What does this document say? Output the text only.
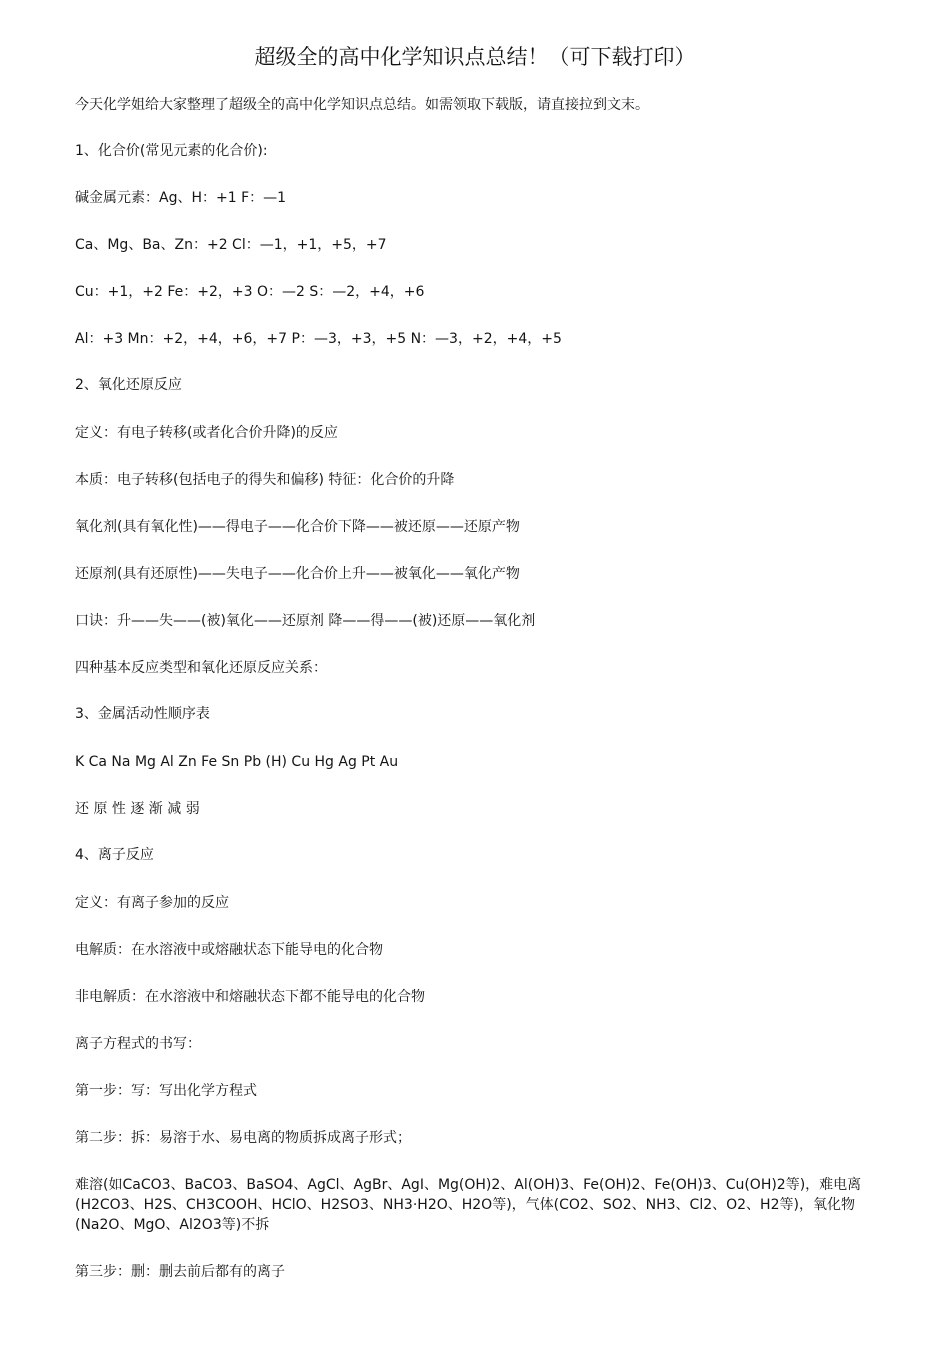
超级全的高中化学知识点总结！（可下载打印）
今天化学姐给大家整理了超级全的高中化学知识点总结。如需领取下载版，请直接拉到文末。
1、化合价(常见元素的化合价):
碱金属元素：Ag、H：+1 F：—1
Ca、Mg、Ba、Zn：+2 Cl：—1，+1，+5，+7
Cu：+1，+2 Fe：+2，+3 O：—2 S：—2，+4，+6
Al：+3 Mn：+2，+4，+6，+7 P：—3，+3，+5 N：—3，+2，+4，+5
2、氧化还原反应
定义：有电子转移(或者化合价升降)的反应
本质：电子转移(包括电子的得失和偏移) 特征：化合价的升降
氧化剂(具有氧化性)——得电子——化合价下降——被还原——还原产物
还原剂(具有还原性)——失电子——化合价上升——被氧化——氧化产物
口诀：升——失——(被)氧化——还原剂 降——得——(被)还原——氧化剂
四种基本反应类型和氧化还原反应关系：
3、金属活动性顺序表
K Ca Na Mg Al Zn Fe Sn Pb (H) Cu Hg Ag Pt Au
还 原 性 逐 渐 减 弱
4、离子反应
定义：有离子参加的反应
电解质：在水溶液中或熔融状态下能导电的化合物
非电解质：在水溶液中和熔融状态下都不能导电的化合物
离子方程式的书写：
第一步：写：写出化学方程式
第二步：拆：易溶于水、易电离的物质拆成离子形式；
难溶(如CaCO3、BaCO3、BaSO4、AgCl、AgBr、AgI、Mg(OH)2、Al(OH)3、Fe(OH)2、Fe(OH)3、Cu(OH)2等)，难电离(H2CO3、H2S、CH3COOH、HClO、H2SO3、NH3·H2O、H2O等)，气体(CO2、SO2、NH3、Cl2、O2、H2等)，氧化物(Na2O、MgO、Al2O3等)不拆
第三步：删：删去前后都有的离子
